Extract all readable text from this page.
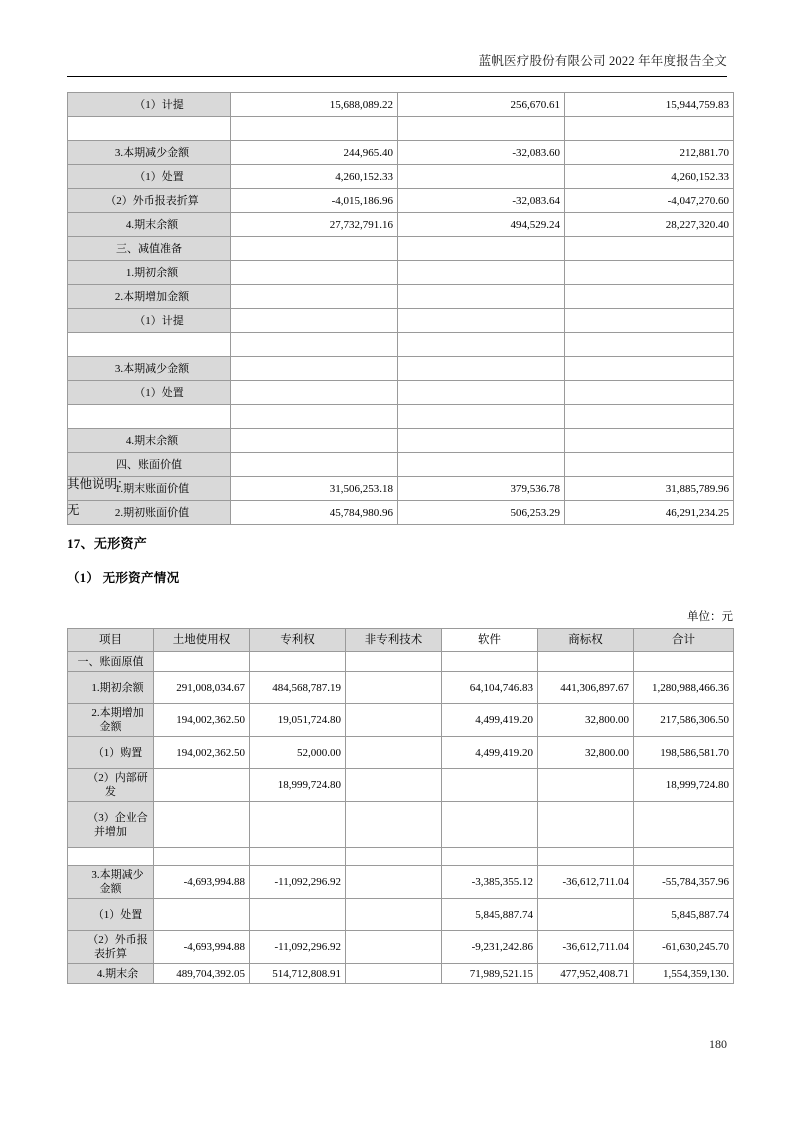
蓝帆医疗股份有限公司 2022 年年度报告全文
（1）计提	15,688,089.22	256,670.61	15,944,759.83

3.本期减少金额	244,965.40	-32,083.60	212,881.70
（1）处置	4,260,152.33		4,260,152.33
（2）外币报表折算	-4,015,186.96	-32,083.64	-4,047,270.60
4.期末余额	27,732,791.16	494,529.24	28,227,320.40
三、减值准备			
1.期初余额			
2.本期增加金额			
（1）计提			

3.本期减少金额			
（1）处置			

4.期末余额			
四、账面价值			
1.期末账面价值	31,506,253.18	379,536.78	31,885,789.96
2.期初账面价值	45,784,980.96	506,253.29	46,291,234.25
其他说明：
无
17、无形资产
（1） 无形资产情况
单位：元
项目	土地使用权	专利权	非专利技术	软件	商标权	合计
一、账面原值						
1.期初余额	291,008,034.67	484,568,787.19		64,104,746.83	441,306,897.67	1,280,988,466.36
2.本期增加金额	194,002,362.50	19,051,724.80		4,499,419.20	32,800.00	217,586,306.50
（1）购置	194,002,362.50	52,000.00		4,499,419.20	32,800.00	198,586,581.70
（2）内部研发		18,999,724.80				18,999,724.80
（3）企业合并增加						

3.本期减少金额	-4,693,994.88	-11,092,296.92		-3,385,355.12	-36,612,711.04	-55,784,357.96
（1）处置				5,845,887.74		5,845,887.74
（2）外币报表折算	-4,693,994.88	-11,092,296.92		-9,231,242.86	-36,612,711.04	-61,630,245.70
4.期末余	489,704,392.05	514,712,808.91		71,989,521.15	477,952,408.71	1,554,359,130.
180
